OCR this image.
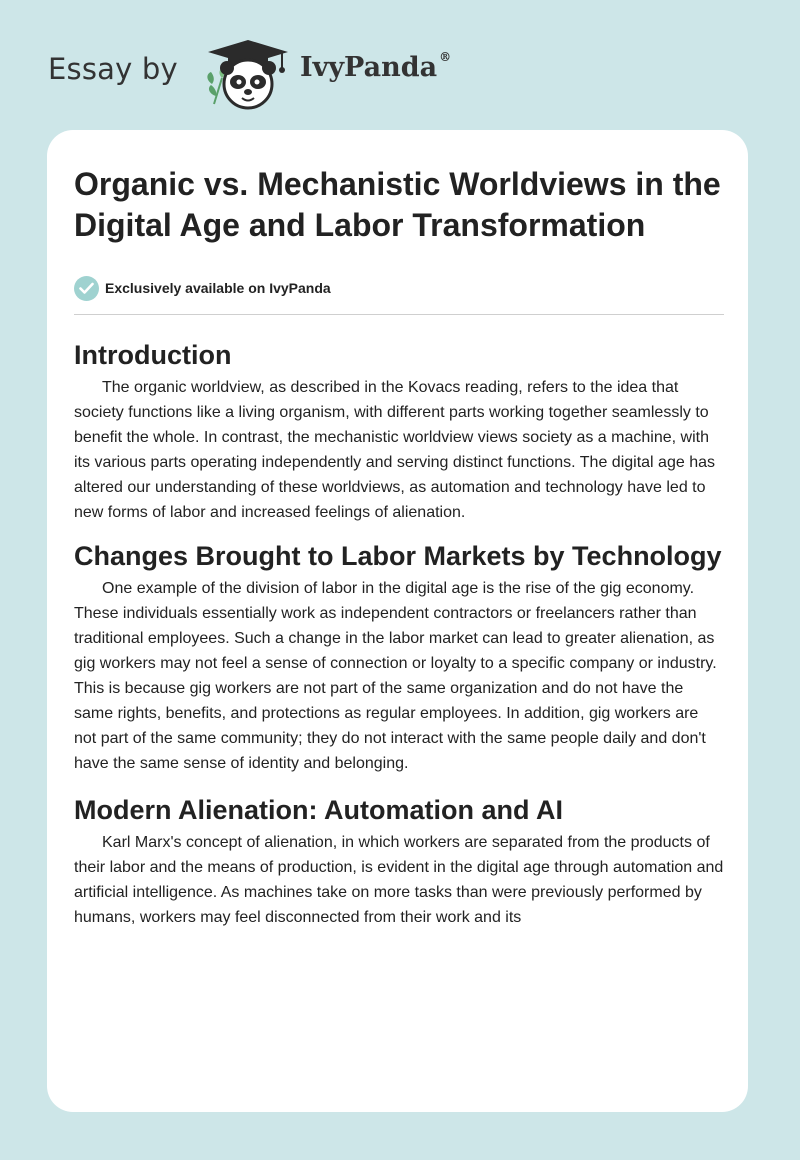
Essay by	IvyPanda ®
Organic vs. Mechanistic Worldviews in the Digital Age and Labor Transformation
Exclusively available on IvyPanda
Introduction

The organic worldview, as described in the Kovacs reading, refers to the idea that society functions like a living organism, with different parts working together seamlessly to benefit the whole. In contrast, the mechanistic worldview views society as a machine, with its various parts operating independently and serving distinct functions. The digital age has altered our understanding of these worldviews, as automation and technology have led to new forms of labor and increased feelings of alienation.

Changes Brought to Labor Markets by Technology

One example of the division of labor in the digital age is the rise of the gig economy. These individuals essentially work as independent contractors or freelancers rather than traditional employees. Such a change in the labor market can lead to greater alienation, as gig workers may not feel a sense of connection or loyalty to a specific company or industry. This is because gig workers are not part of the same organization and do not have the same rights, benefits, and protections as regular employees. In addition, gig workers are not part of the same community; they do not interact with the same people daily and don't have the same sense of identity and belonging.

Modern Alienation: Automation and AI

Karl Marx's concept of alienation, in which workers are separated from the products of their labor and the means of production, is evident in the digital age through automation and artificial intelligence. As machines take on more tasks than were previously performed by humans, workers may feel disconnected from their work and its
